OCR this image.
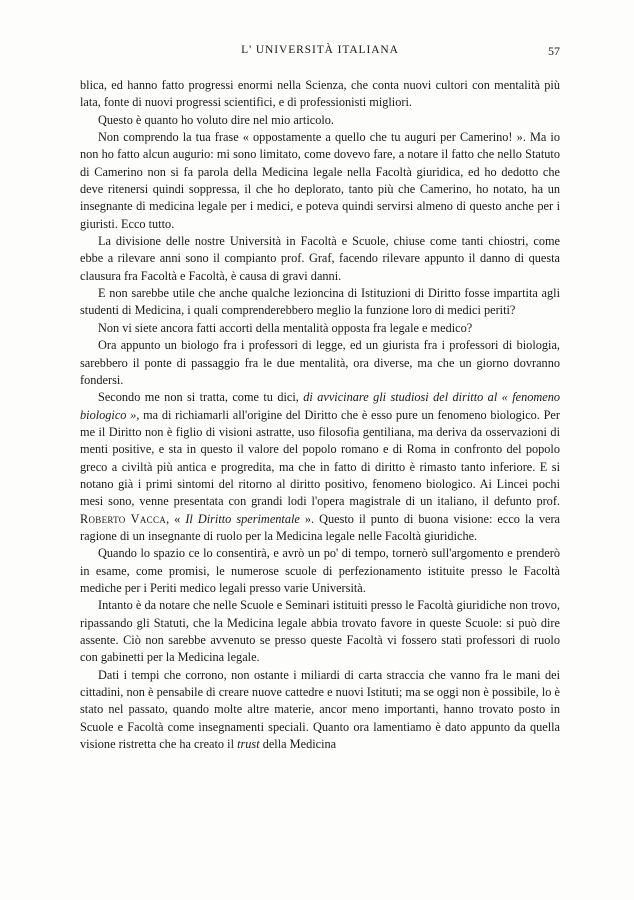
L' UNIVERSITÀ ITALIANA	57

blica, ed hanno fatto progressi enormi nella Scienza, che conta nuovi cultori con mentalità più lata, fonte di nuovi progressi scientifici, e di professionisti migliori.

Questo è quanto ho voluto dire nel mio articolo.

Non comprendo la tua frase « oppostamente a quello che tu auguri per Camerino! ». Ma io non ho fatto alcun augurio: mi sono limitato, come dovevo fare, a notare il fatto che nello Statuto di Camerino non si fa parola della Medicina legale nella Facoltà giuridica, ed ho dedotto che deve ritenersi quindi soppressa, il che ho deplorato, tanto più che Camerino, ho notato, ha un insegnante di medicina legale per i medici, e poteva quindi servirsi almeno di questo anche per i giuristi. Ecco tutto.

La divisione delle nostre Università in Facoltà e Scuole, chiuse come tanti chiostri, come ebbe a rilevare anni sono il compianto prof. Graf, facendo rilevare appunto il danno di questa clausura fra Facoltà e Facoltà, è causa di gravi danni.

E non sarebbe utile che anche qualche lezioncina di Istituzioni di Diritto fosse impartita agli studenti di Medicina, i quali comprenderebbero meglio la funzione loro di medici periti?

Non vi siete ancora fatti accorti della mentalità opposta fra legale e medico?

Ora appunto un biologo fra i professori di legge, ed un giurista fra i professori di biologia, sarebbero il ponte di passaggio fra le due mentalità, ora diverse, ma che un giorno dovranno fondersi.

Secondo me non si tratta, come tu dici, di avvicinare gli studiosi del diritto al « fenomeno biologico », ma di richiamarli all'origine del Diritto che è esso pure un fenomeno biologico. Per me il Diritto non è figlio di visioni astratte, uso filosofia gentiliana, ma deriva da osservazioni di menti positive, e sta in questo il valore del popolo romano e di Roma in confronto del popolo greco a civiltà più antica e progredita, ma che in fatto di diritto è rimasto tanto inferiore. E si notano già i primi sintomi del ritorno al diritto positivo, fenomeno biologico. Ai Lincei pochi mesi sono, venne presentata con grandi lodi l'opera magistrale di un italiano, il defunto prof. Roberto Vacca, « Il Diritto sperimentale ». Questo il punto di buona visione: ecco la vera ragione di un insegnante di ruolo per la Medicina legale nelle Facoltà giuridiche.

Quando lo spazio ce lo consentirà, e avrò un po' di tempo, tornerò sull'argomento e prenderò in esame, come promisi, le numerose scuole di perfezionamento istituite presso le Facoltà mediche per i Periti medico legali presso varie Università.

Intanto è da notare che nelle Scuole e Seminari istituiti presso le Facoltà giuridiche non trovo, ripassando gli Statuti, che la Medicina legale abbia trovato favore in queste Scuole: si può dire assente. Ciò non sarebbe avvenuto se presso queste Facoltà vi fossero stati professori di ruolo con gabinetti per la Medicina legale.

Dati i tempi che corrono, non ostante i miliardi di carta straccia che vanno fra le mani dei cittadini, non è pensabile di creare nuove cattedre e nuovi Istituti; ma se oggi non è possibile, lo è stato nel passato, quando molte altre materie, ancor meno importanti, hanno trovato posto in Scuole e Facoltà come insegnamenti speciali. Quanto ora lamentiamo è dato appunto da quella visione ristretta che ha creato il trust della Medicina
